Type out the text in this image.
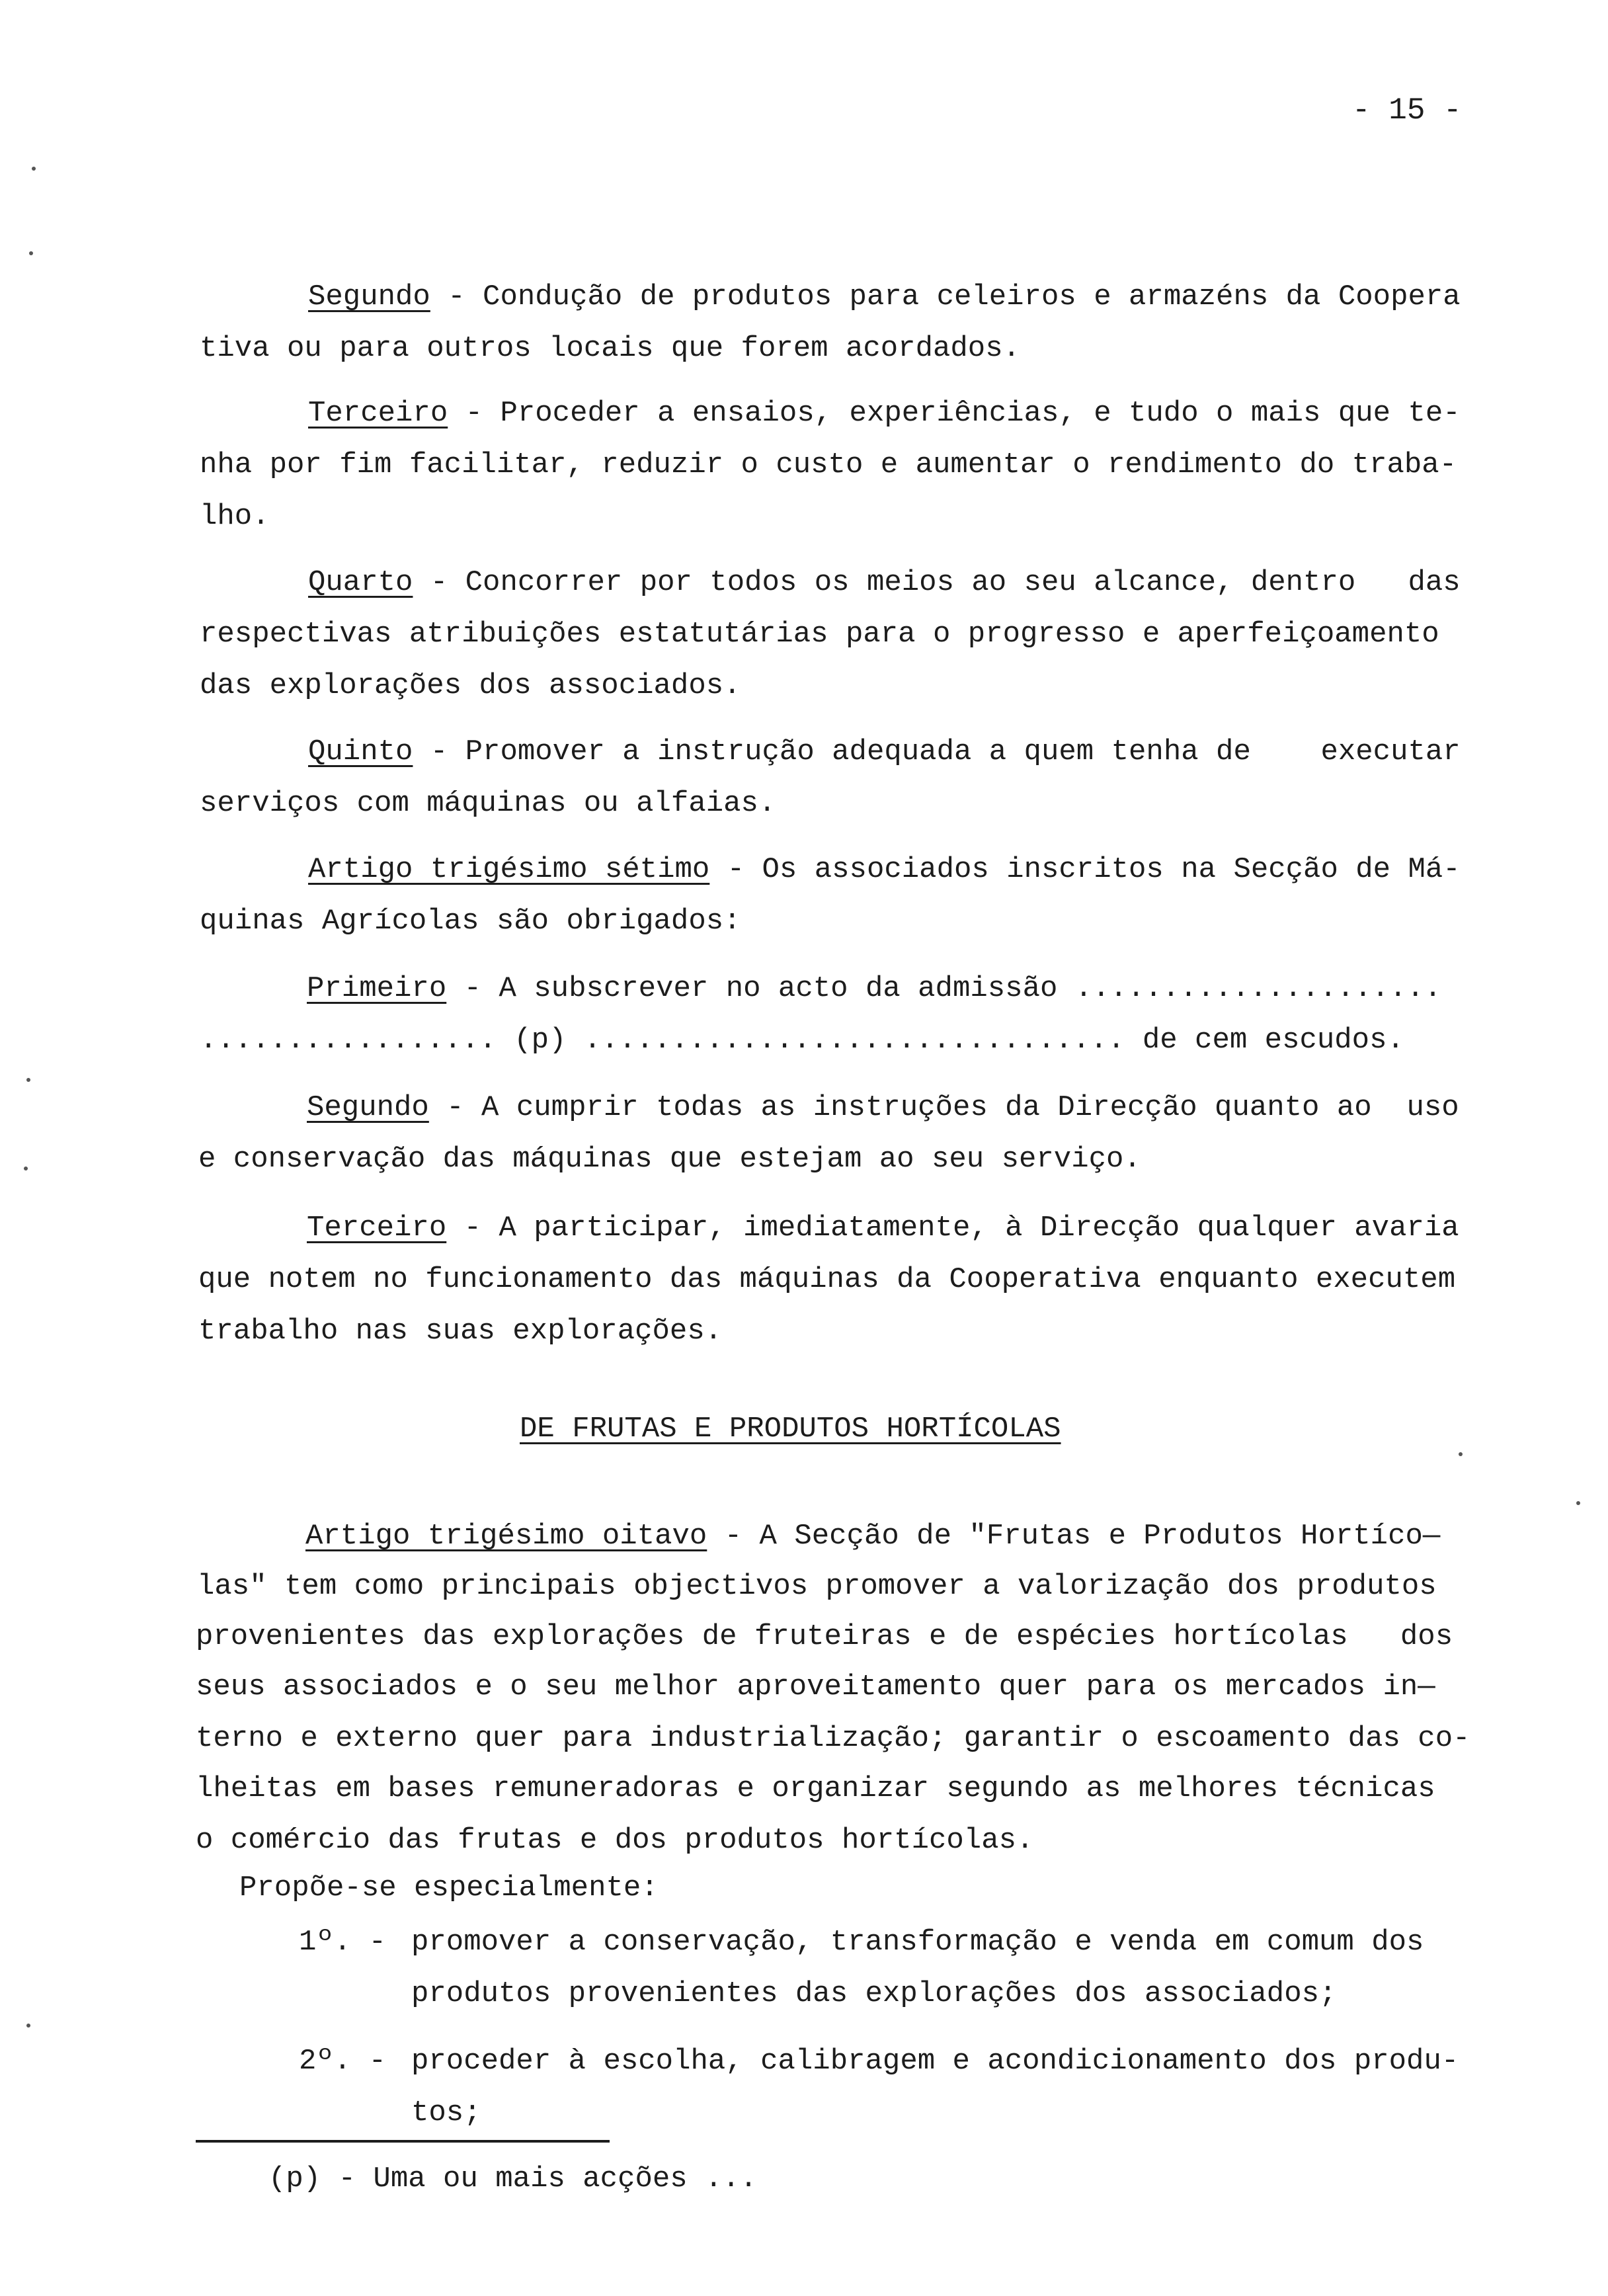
- 15 -
Segundo - Condução de produtos para celeiros e armazéns da Coopera
tiva ou para outros locais que forem acordados.
Terceiro - Proceder a ensaios, experiências, e tudo o mais que te-
nha por fim facilitar, reduzir o custo e aumentar o rendimento do traba-
lho.
Quarto - Concorrer por todos os meios ao seu alcance, dentro   das
respectivas atribuições estatutárias para o progresso e aperfeiçoamento
das explorações dos associados.
Quinto - Promover a instrução adequada a quem tenha de    executar
serviços com máquinas ou alfaias.
Artigo trigésimo sétimo - Os associados inscritos na Secção de Má-
quinas Agrícolas são obrigados:
Primeiro - A subscrever no acto da admissão .....................
................. (p) ............................... de cem escudos.
Segundo - A cumprir todas as instruções da Direcção quanto ao  uso
e conservação das máquinas que estejam ao seu serviço.
Terceiro - A participar, imediatamente, à Direcção qualquer avaria
que notem no funcionamento das máquinas da Cooperativa enquanto executem
trabalho nas suas explorações.
DE FRUTAS E PRODUTOS HORTÍCOLAS
Artigo trigésimo oitavo - A Secção de "Frutas e Produtos Hortíco—
las" tem como principais objectivos promover a valorização dos produtos
provenientes das explorações de fruteiras e de espécies hortícolas   dos
seus associados e o seu melhor aproveitamento quer para os mercados in—
terno e externo quer para industrialização; garantir o escoamento das co-
lheitas em bases remuneradoras e organizar segundo as melhores técnicas
o comércio das frutas e dos produtos hortícolas.
Propõe-se especialmente:
1º. - promover a conservação, transformação e venda em comum dos
produtos provenientes das explorações dos associados;
2º. - proceder à escolha, calibragem e acondicionamento dos produ-
tos;
(p) - Uma ou mais acções ...
